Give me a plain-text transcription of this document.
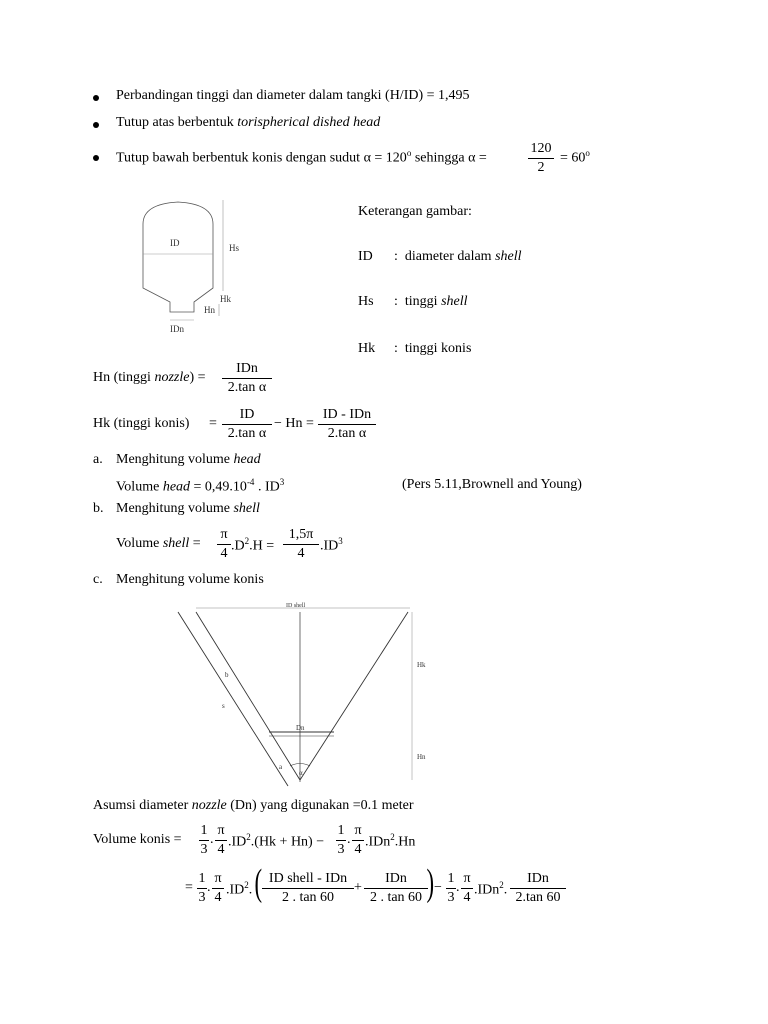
Perbandingan tinggi dan diameter dalam tangki (H/ID) = 1,495
Tutup atas berbentuk torispherical dished head
Tutup bawah berbentuk konis dengan sudut $\alpha = 120^o$ sehingga α =
120
2
= $60^o$
ID	Hs
Hk
Hn
IDn
Keterangan gambar:
ID : diameter dalam shell
Hs : tinggi shell
Hk : tinggi konis
Hn (tinggi nozzle) =
IDn
2.tan α
Hk (tinggi konis) =
ID
2.tan α
− Hn =
ID - IDn
2.tan α
a. Menghitung volume head
Volume head = $0,49.10^{-4}$ . $ID^3$	(Pers 5.11,Brownell and Young)
b. Menghitung volume shell
Volume shell =
π
4 $.D^2.H$ =
1,5π
4	$.ID^3$
c. Menghitung volume konis
ID shell
Hk
Hn
Dn
b
s
a
α
Asumsi diameter nozzle (Dn) yang digunakan =0.1 meter
Volume konis =
1
3
.
π
4 $.ID^2.(Hk + Hn)$ −
1
3
.
π
4 .IDn$^2$.Hn
=
1
3
.
π
4 $.ID^2$. ( ID shell - IDn
2 . tan 60
+
IDn
2 . tan 60 ) −
1
3
.
π
4 .IDn$^2$.
IDn
2.tan 60
